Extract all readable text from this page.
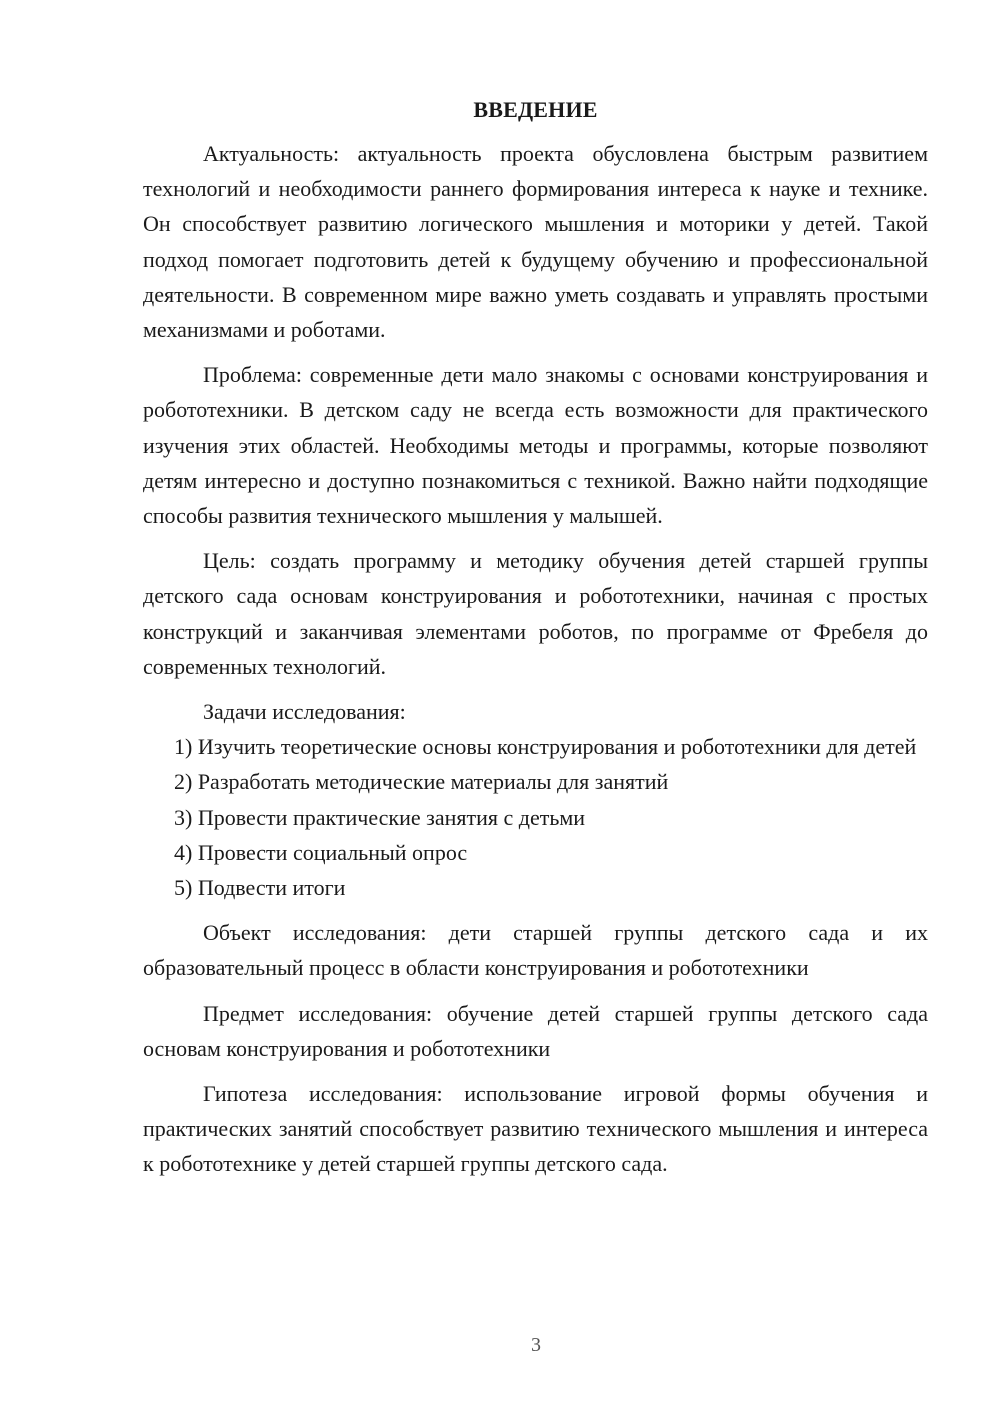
ВВЕДЕНИЕ

Актуальность: актуальность проекта обусловлена быстрым развитием технологий и необходимости раннего формирования интереса к науке и технике. Он способствует развитию логического мышления и моторики у детей. Такой подход помогает подготовить детей к будущему обучению и профессиональной деятельности. В современном мире важно уметь создавать и управлять простыми механизмами и роботами.

Проблема: современные дети мало знакомы с основами конструирования и робототехники. В детском саду не всегда есть возможности для практического изучения этих областей. Необходимы методы и программы, которые позволяют детям интересно и доступно познакомиться с техникой. Важно найти подходящие способы развития технического мышления у малышей.

Цель: создать программу и методику обучения детей старшей группы детского сада основам конструирования и робототехники, начиная с простых конструкций и заканчивая элементами роботов, по программе от Фребеля до современных технологий.

Задачи исследования:

1) Изучить теоретические основы конструирования и робототехники для детей

2) Разработать методические материалы для занятий

3) Провести практические занятия с детьми

4) Провести социальный опрос

5) Подвести итоги

Объект исследования: дети старшей группы детского сада и их образовательный процесс в области конструирования и робототехники

Предмет исследования: обучение детей старшей группы детского сада основам конструирования и робототехники

Гипотеза исследования: использование игровой формы обучения и практических занятий способствует развитию технического мышления и интереса к робототехнике у детей старшей группы детского сада.

3
